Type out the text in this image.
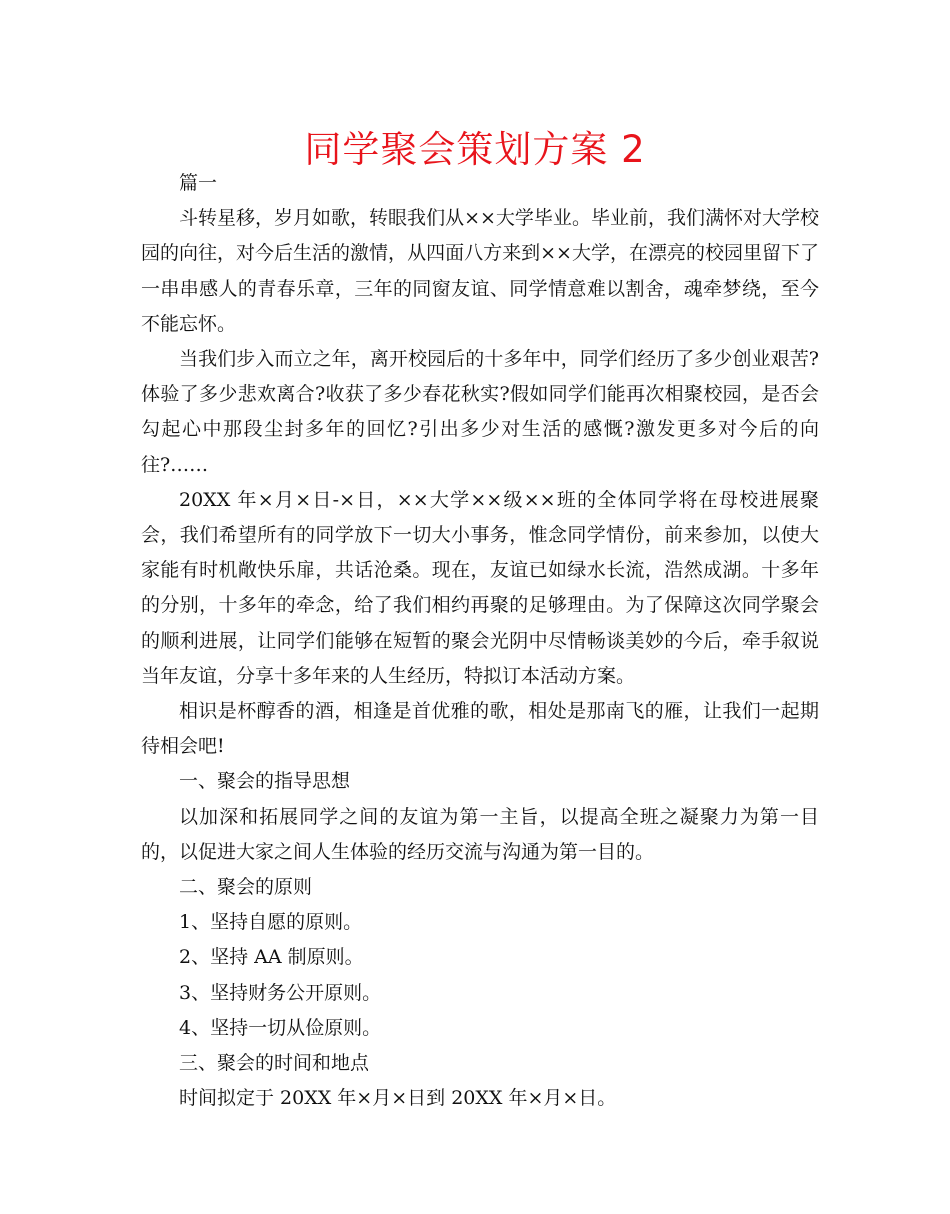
同学聚会策划方案 2

篇一

斗转星移，岁月如歌，转眼我们从××大学毕业。毕业前，我们满怀对大学校园的向往，对今后生活的激情，从四面八方来到××大学，在漂亮的校园里留下了一串串感人的青春乐章，三年的同窗友谊、同学情意难以割舍，魂牵梦绕，至今不能忘怀。

当我们步入而立之年，离开校园后的十多年中，同学们经历了多少创业艰苦?体验了多少悲欢离合?收获了多少春花秋实?假如同学们能再次相聚校园，是否会勾起心中那段尘封多年的回忆?引出多少对生活的感慨?激发更多对今后的向往?……

20XX 年×月×日-×日，××大学××级××班的全体同学将在母校进展聚会，我们希望所有的同学放下一切大小事务，惟念同学情份，前来参加，以使大家能有时机敞快乐扉，共话沧桑。现在，友谊已如绿水长流，浩然成湖。十多年的分别，十多年的牵念，给了我们相约再聚的足够理由。为了保障这次同学聚会的顺利进展，让同学们能够在短暂的聚会光阴中尽情畅谈美妙的今后，牵手叙说当年友谊，分享十多年来的人生经历，特拟订本活动方案。

相识是杯醇香的酒，相逢是首优雅的歌，相处是那南飞的雁，让我们一起期待相会吧!

一、聚会的指导思想

以加深和拓展同学之间的友谊为第一主旨，以提高全班之凝聚力为第一目的，以促进大家之间人生体验的经历交流与沟通为第一目的。

二、聚会的原则

1、坚持自愿的原则。

2、坚持 AA 制原则。

3、坚持财务公开原则。

4、坚持一切从俭原则。

三、聚会的时间和地点

时间拟定于 20XX 年×月×日到 20XX 年×月×日。
